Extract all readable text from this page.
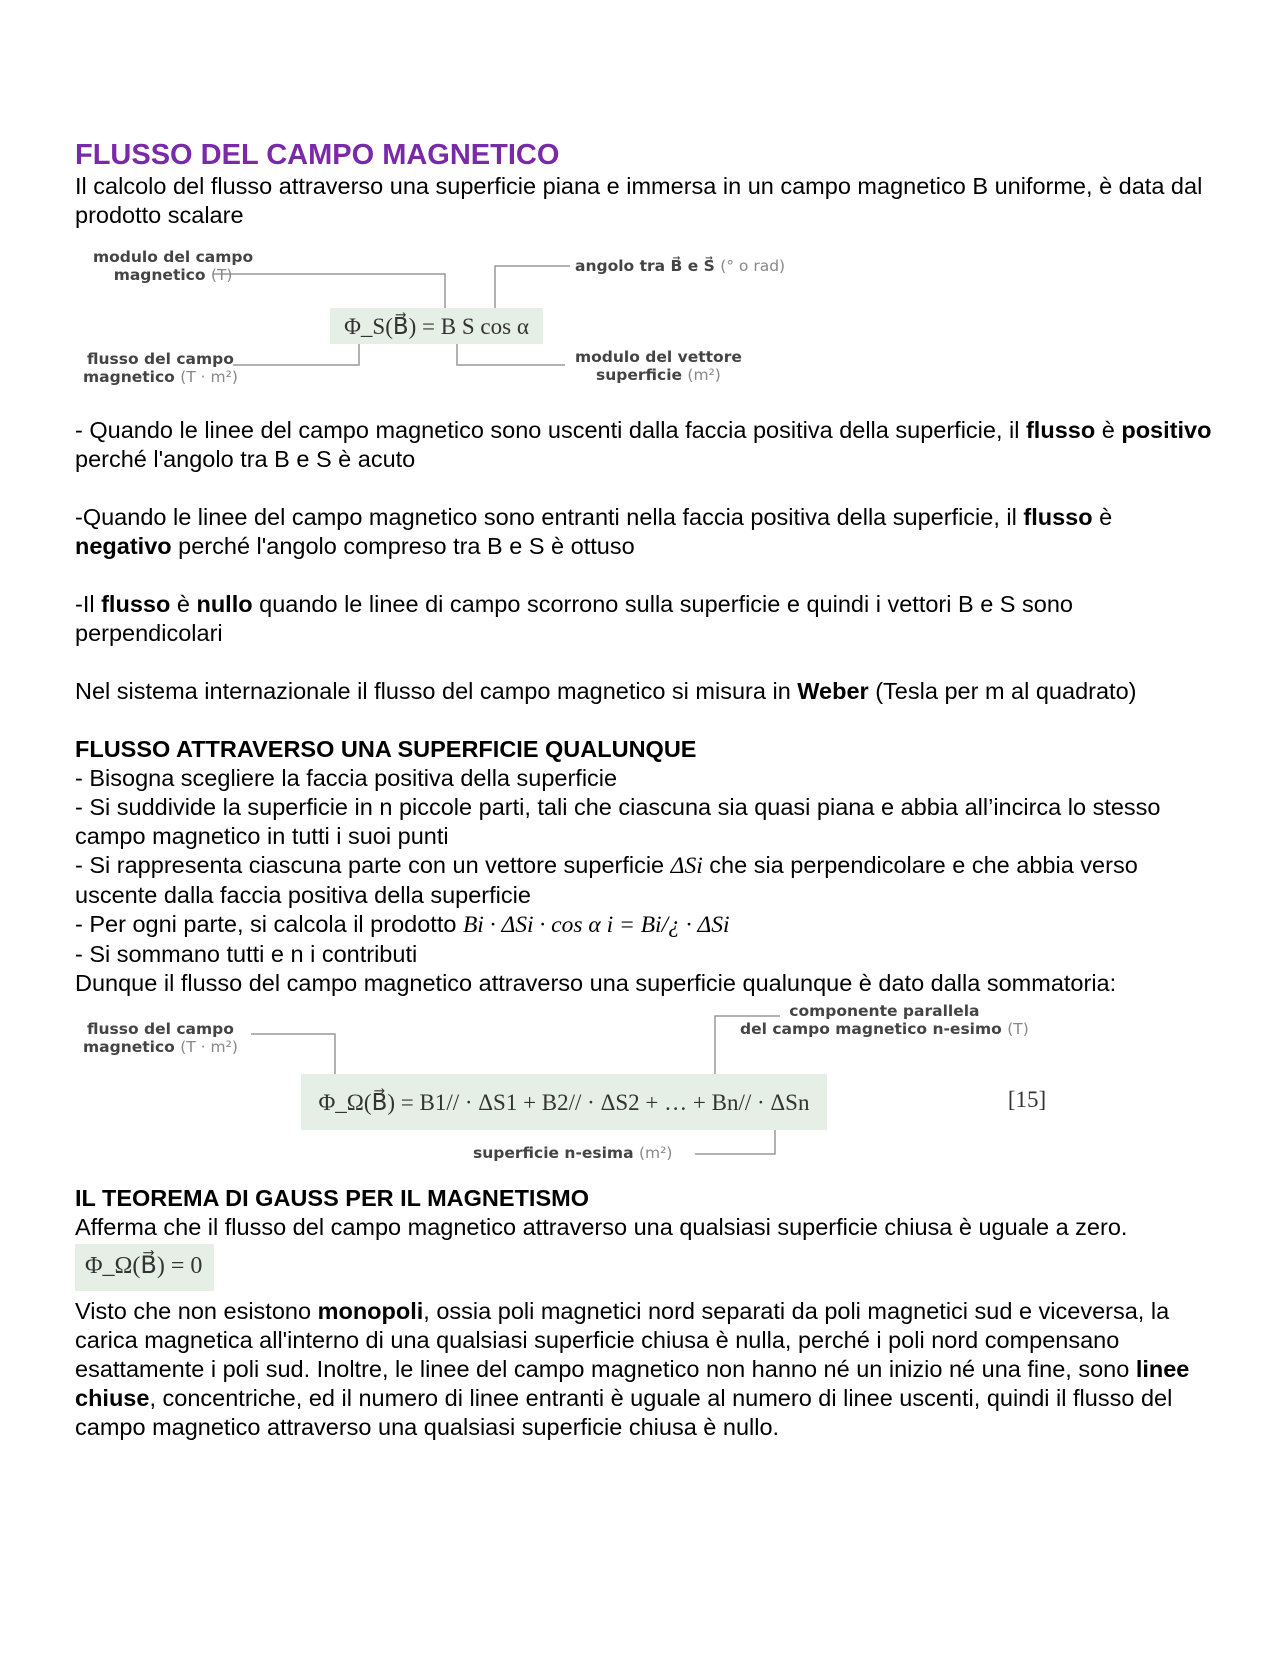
FLUSSO DEL CAMPO MAGNETICO

Il calcolo del flusso attraverso una superficie piana e immersa in un campo magnetico B uniforme, è data dal prodotto scalare

modulo del campo
magnetico (T)	angolo tra B⃗ e S⃗ (° o rad)
Φ_S(B⃗) = B S cos α
flusso del campo
magnetico (T · m²)
modulo del vettore
superficie (m²)

- Quando le linee del campo magnetico sono uscenti dalla faccia positiva della superficie, il flusso è positivo perché l'angolo tra B e S è acuto

-Quando le linee del campo magnetico sono entranti nella faccia positiva della superficie, il flusso è negativo perché l'angolo compreso tra B e S è ottuso

-Il flusso è nullo quando le linee di campo scorrono sulla superficie e quindi i vettori B e S sono perpendicolari

Nel sistema internazionale il flusso del campo magnetico si misura in Weber (Tesla per m al quadrato)

FLUSSO ATTRAVERSO UNA SUPERFICIE QUALUNQUE

- Bisogna scegliere la faccia positiva della superficie

- Si suddivide la superficie in n piccole parti, tali che ciascuna sia quasi piana e abbia all’incirca lo stesso campo magnetico in tutti i suoi punti

- Si rappresenta ciascuna parte con un vettore superficie ΔSi che sia perpendicolare e che abbia verso uscente dalla faccia positiva della superficie

- Per ogni parte, si calcola il prodotto Bi · ΔSi · cos α i = Bi/¿ · ΔSi

- Si sommano tutti e n i contributi

Dunque il flusso del campo magnetico attraverso una superficie qualunque è dato dalla sommatoria:

flusso del campo
magnetico (T · m²)
componente parallela
del campo magnetico n-esimo (T)
Φ_Ω(B⃗) = B1// · ΔS1 + B2// · ΔS2 + … + Bn// · ΔSn	[15]
superficie n-esima (m²)

IL TEOREMA DI GAUSS PER IL MAGNETISMO

Afferma che il flusso del campo magnetico attraverso una qualsiasi superficie chiusa è uguale a zero.

Φ_Ω(B⃗) = 0

Visto che non esistono monopoli, ossia poli magnetici nord separati da poli magnetici sud e viceversa, la carica magnetica all'interno di una qualsiasi superficie chiusa è nulla, perché i poli nord compensano esattamente i poli sud. Inoltre, le linee del campo magnetico non hanno né un inizio né una fine, sono linee chiuse, concentriche, ed il numero di linee entranti è uguale al numero di linee uscenti, quindi il flusso del campo magnetico attraverso una qualsiasi superficie chiusa è nullo.
